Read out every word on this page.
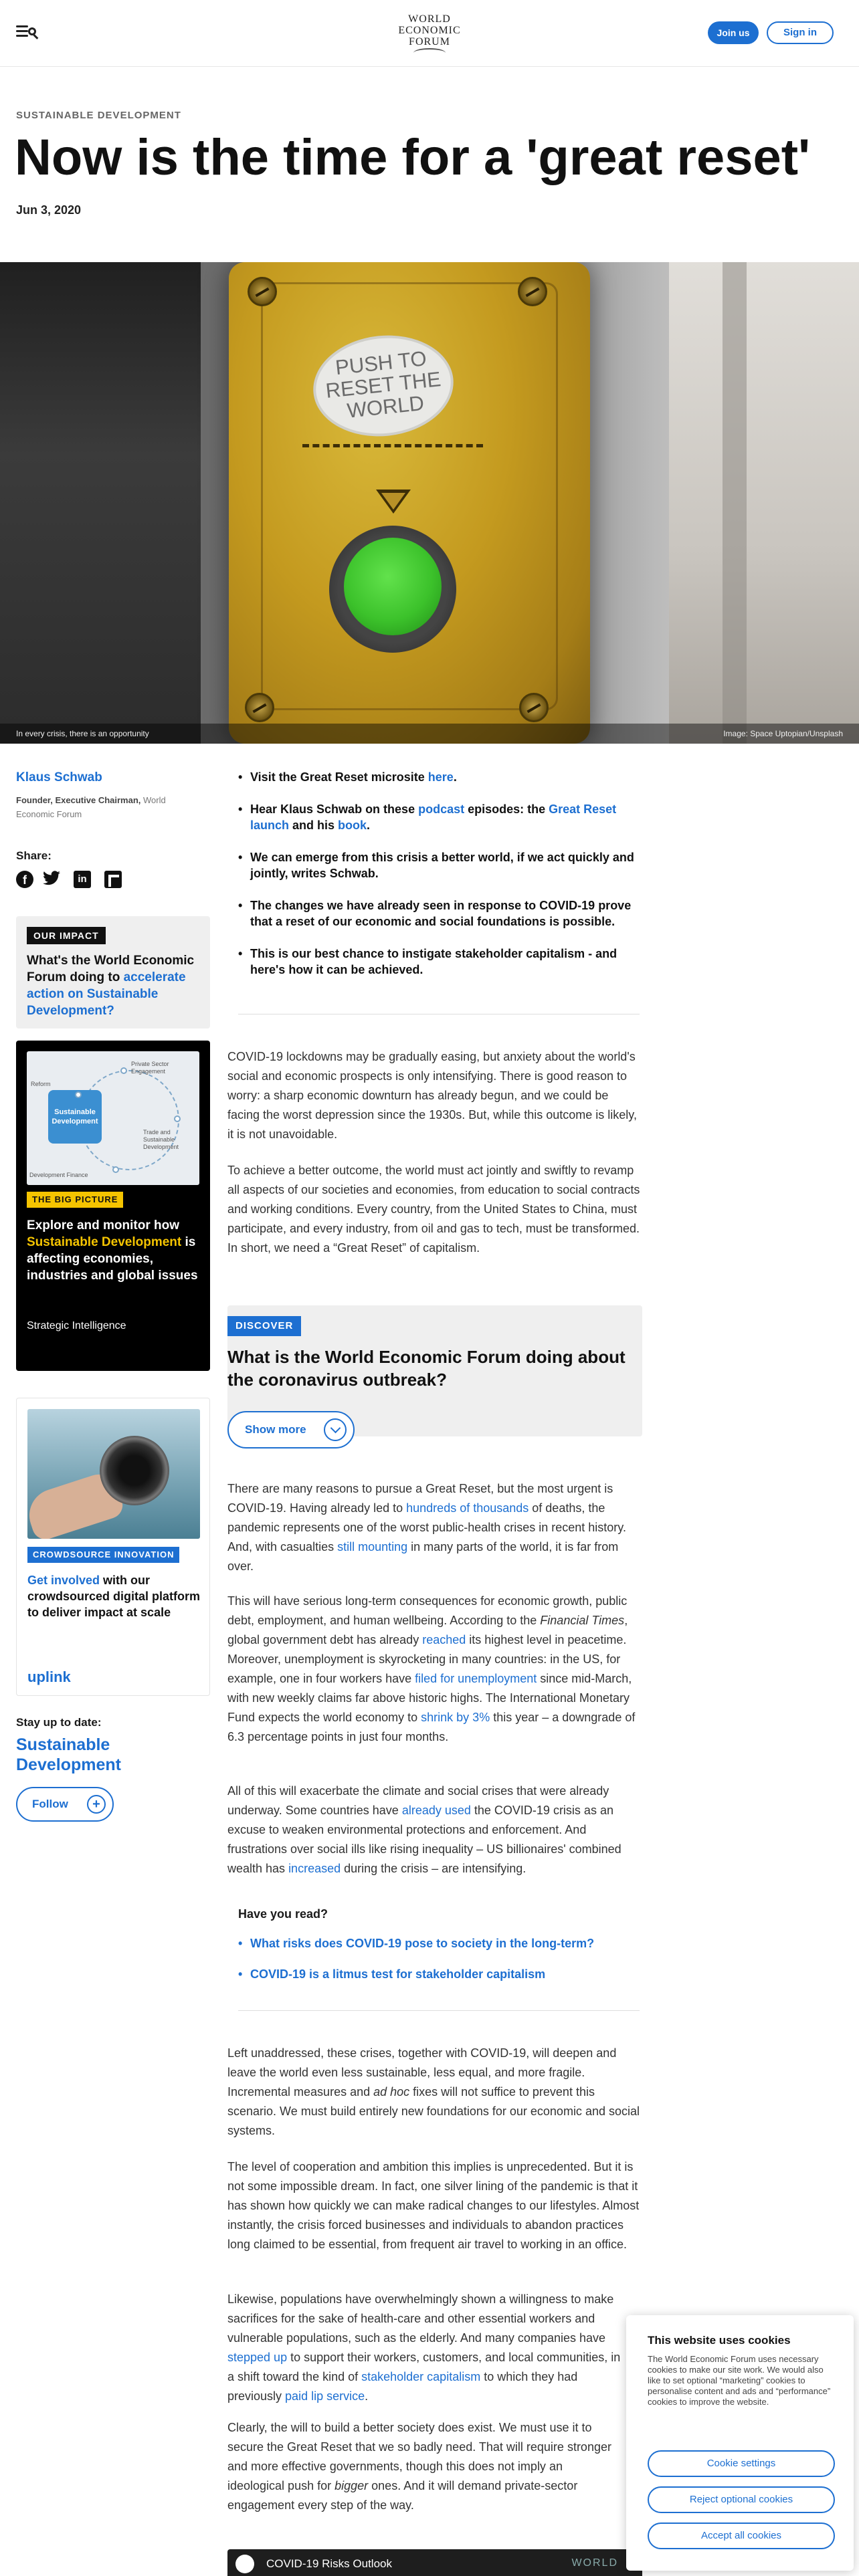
WORLD
ECONOMIC
FORUM
Join us	Sign in
SUSTAINABLE DEVELOPMENT
Now is the time for a 'great reset'
Jun 3, 2020
PUSH TO RESET THE WORLD
In every crisis, there is an opportunity	Image: Space Uptopian/Unsplash
Klaus Schwab
Founder, Executive Chairman, World Economic Forum
Share:
f	in
OUR IMPACT
What's the World Economic Forum doing to accelerate action on Sustainable Development?
Sustainable Development
Private Sector Engagement
Trade and Sustainable Development
Development Finance
Reform
THE BIG PICTURE
Explore and monitor how Sustainable Development is affecting economies, industries and global issues
Strategic Intelligence
CROWDSOURCE INNOVATION
Get involved with our crowdsourced digital platform to deliver impact at scale
uplink
Stay up to date:
Sustainable Development
Follow	+
• Visit the Great Reset microsite here.
• Hear Klaus Schwab on these podcast episodes: the Great Reset launch and his book.
• We can emerge from this crisis a better world, if we act quickly and jointly, writes Schwab.
• The changes we have already seen in response to COVID-19 prove that a reset of our economic and social foundations is possible.
• This is our best chance to instigate stakeholder capitalism - and here's how it can be achieved.

COVID-19 lockdowns may be gradually easing, but anxiety about the world's social and economic prospects is only intensifying. There is good reason to worry: a sharp economic downturn has already begun, and we could be facing the worst depression since the 1930s. But, while this outcome is likely, it is not unavoidable.

To achieve a better outcome, the world must act jointly and swiftly to revamp all aspects of our societies and economies, from education to social contracts and working conditions. Every country, from the United States to China, must participate, and every industry, from oil and gas to tech, must be transformed. In short, we need a “Great Reset” of capitalism.

DISCOVER
What is the World Economic Forum doing about the coronavirus outbreak?
Show more

There are many reasons to pursue a Great Reset, but the most urgent is COVID-19. Having already led to hundreds of thousands of deaths, the pandemic represents one of the worst public-health crises in recent history. And, with casualties still mounting in many parts of the world, it is far from over.

This will have serious long-term consequences for economic growth, public debt, employment, and human wellbeing. According to the Financial Times, global government debt has already reached its highest level in peacetime. Moreover, unemployment is skyrocketing in many countries: in the US, for example, one in four workers have filed for unemployment since mid-March, with new weekly claims far above historic highs. The International Monetary Fund expects the world economy to shrink by 3% this year – a downgrade of 6.3 percentage points in just four months.

All of this will exacerbate the climate and social crises that were already underway. Some countries have already used the COVID-19 crisis as an excuse to weaken environmental protections and enforcement. And frustrations over social ills like rising inequality – US billionaires' combined wealth has increased during the crisis – are intensifying.

Have you read?
• What risks does COVID-19 pose to society in the long-term?
• COVID-19 is a litmus test for stakeholder capitalism

Left unaddressed, these crises, together with COVID-19, will deepen and leave the world even less sustainable, less equal, and more fragile. Incremental measures and ad hoc fixes will not suffice to prevent this scenario. We must build entirely new foundations for our economic and social systems.

The level of cooperation and ambition this implies is unprecedented. But it is not some impossible dream. In fact, one silver lining of the pandemic is that it has shown how quickly we can make radical changes to our lifestyles. Almost instantly, the crisis forced businesses and individuals to abandon practices long claimed to be essential, from frequent air travel to working in an office.

Likewise, populations have overwhelmingly shown a willingness to make sacrifices for the sake of health-care and other essential workers and vulnerable populations, such as the elderly. And many companies have stepped up to support their workers, customers, and local communities, in a shift toward the kind of stakeholder capitalism to which they had previously paid lip service.

Clearly, the will to build a better society does exist. We must use it to secure the Great Reset that we so badly need. That will require stronger and more effective governments, though this does not imply an ideological push for bigger ones. And it will demand private-sector engagement every step of the way.

COVID-19 Risks Outlook	WORLD
This website uses cookies
The World Economic Forum uses necessary cookies to make our site work. We would also like to set optional “marketing” cookies to personalise content and ads and “performance” cookies to improve the website.
Cookie settings
Reject optional cookies
Accept all cookies
